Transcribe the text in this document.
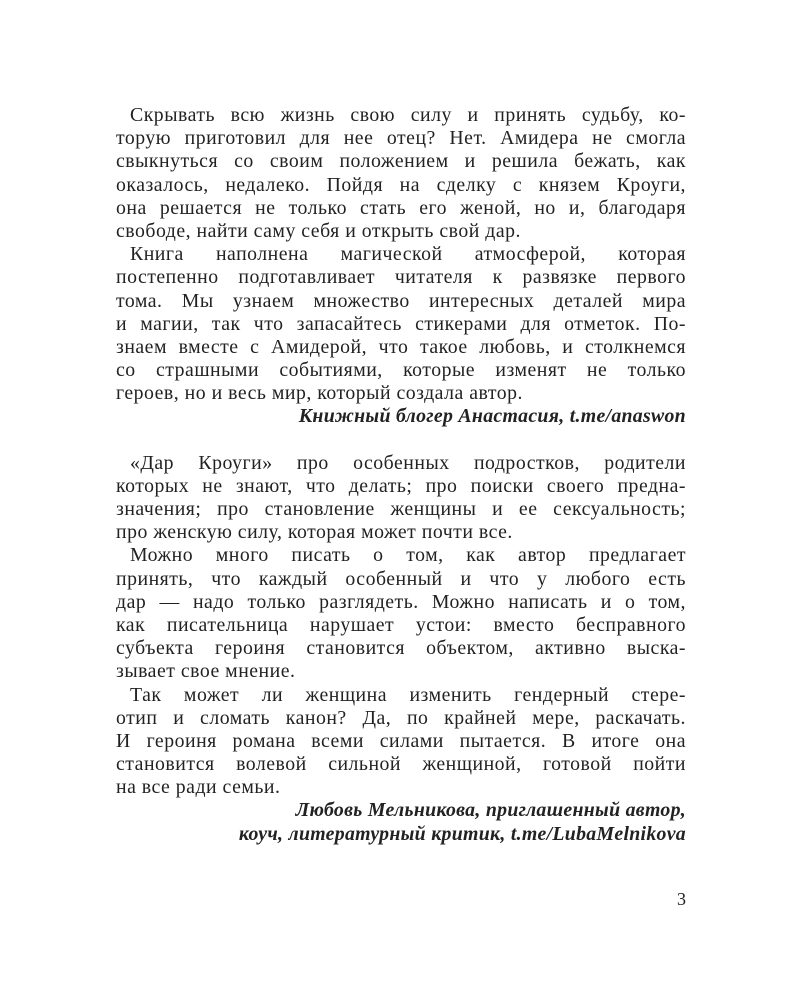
Скрывать всю жизнь свою силу и принять судьбу, ко-
торую приготовил для нее отец? Нет. Амидера не смогла
свыкнуться со своим положением и решила бежать, как
оказалось, недалеко. Пойдя на сделку с князем Кроуги,
она решается не только стать его женой, но и, благодаря
свободе, найти саму себя и открыть свой дар.
Книга наполнена магической атмосферой, которая
постепенно подготавливает читателя к развязке первого
тома. Мы узнаем множество интересных деталей мира
и магии, так что запасайтесь стикерами для отметок. По-
знаем вместе с Амидерой, что такое любовь, и столкнемся
со страшными событиями, которые изменят не только
героев, но и весь мир, который создала автор.
Книжный блогер Анастасия, t.me/anaswon
«Дар Кроуги» про особенных подростков, родители
которых не знают, что делать; про поиски своего предна-
значения; про становление женщины и ее сексуальность;
про женскую силу, которая может почти все.
Можно много писать о том, как автор предлагает
принять, что каждый особенный и что у любого есть
дар — надо только разглядеть. Можно написать и о том,
как писательница нарушает устои: вместо бесправного
субъекта героиня становится объектом, активно выска-
зывает свое мнение.
Так может ли женщина изменить гендерный стере-
отип и сломать канон? Да, по крайней мере, раскачать.
И героиня романа всеми силами пытается. В итоге она
становится волевой сильной женщиной, готовой пойти
на все ради семьи.
Любовь Мельникова, приглашенный автор,
коуч, литературный критик, t.me/LubaMelnikova
3
